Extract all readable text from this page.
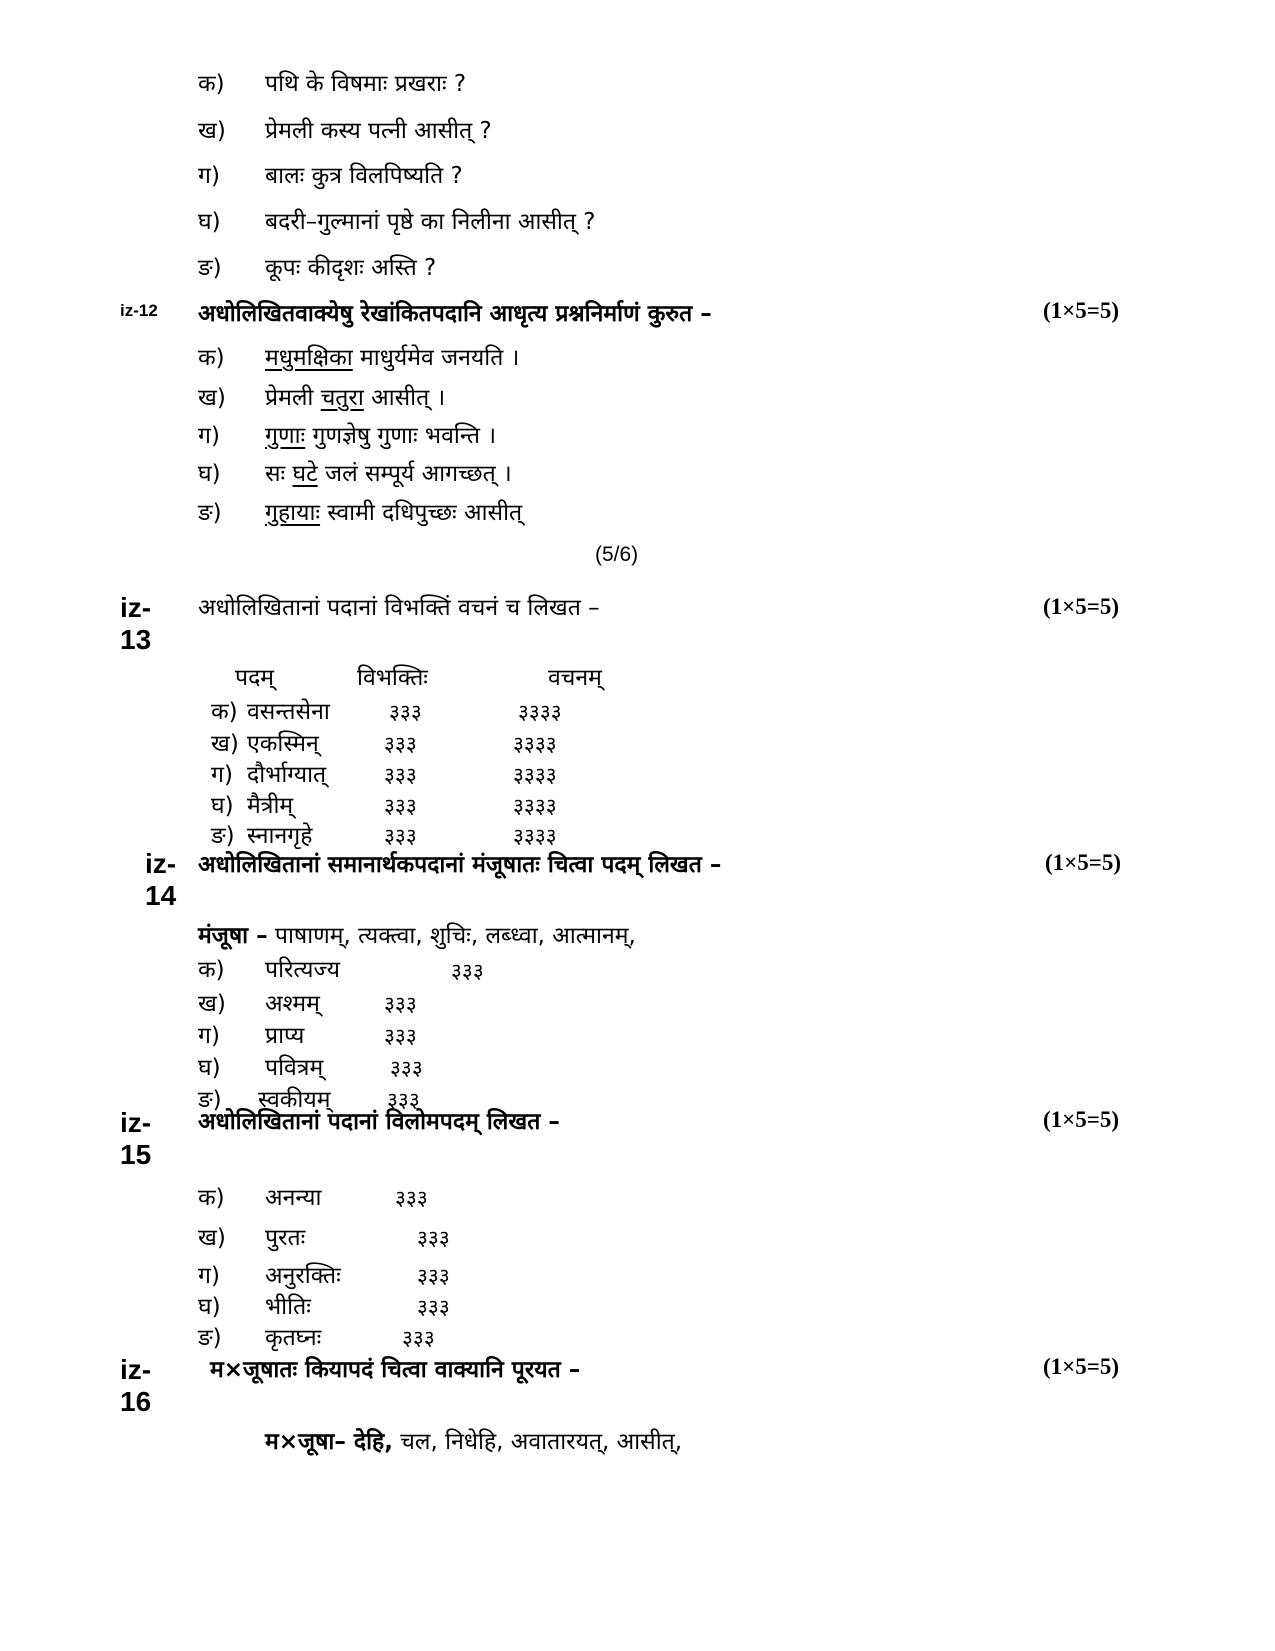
क) पथि के विषमाः प्रखराः ?
ख) प्रेमली कस्य पत्नी आसीत् ?
ग) बालः कुत्र विलपिष्यति ?
घ) बदरी–गुल्मानां पृष्ठे का निलीना आसीत् ?
ङ) कूपः कीदृशः अस्ति ?
iz-12 अधोलिखितवाक्येषु रेखांकितपदानि आधृत्य प्रश्ननिर्माणं कुरुत –	(1×5=5)
क) मधुमक्षिका माधुर्यमेव जनयति ।
ख) प्रेमली चतुरा आसीत् ।
ग) गुणाः गुणज्ञेषु गुणाः भवन्ति ।
घ) सः घटे जलं सम्पूर्य आगच्छत् ।
ङ) गुहायाः स्वामी दधिपुच्छः आसीत्
(5/6)
iz-
13
अधोलिखितानां पदानां विभक्तिं वचनं च लिखत –	(1×5=5)
पदम्	विभक्तिः	वचनम्
क) वसन्तसेना	३३३	३३३३
ख) एकस्मिन्	३३३	३३३३
ग) दौर्भाग्यात्	३३३	३३३३
घ) मैत्रीम्	३३३	३३३३
ङ) स्नानगृहे	३३३	३३३३
iz-
14
अधोलिखितानां समानार्थकपदानां मंजूषातः चित्वा पदम् लिखत –	(1×5=5)
मंजूषा – पाषाणम्, त्यक्त्वा, शुचिः, लब्ध्वा, आत्मानम्,
क) परित्यज्य	३३३
ख) अश्मम्	३३३
ग) प्राप्य	३३३
घ) पवित्रम्	३३३
ङ) स्वकीयम्	३३३
iz-
15
अधोलिखितानां पदानां विलोमपदम् लिखत –	(1×5=5)
क) अनन्या	३३३
ख) पुरतः	३३३
ग) अनुरक्तिः	३३३
घ) भीतिः	३३३
ङ) कृतघ्नः	३३३
iz-
16
म×जूषातः कियापदं चित्वा वाक्यानि पूरयत –	(1×5=5)
म×जूषा– देहि, चल, निधेहि, अवातारयत्, आसीत्,
